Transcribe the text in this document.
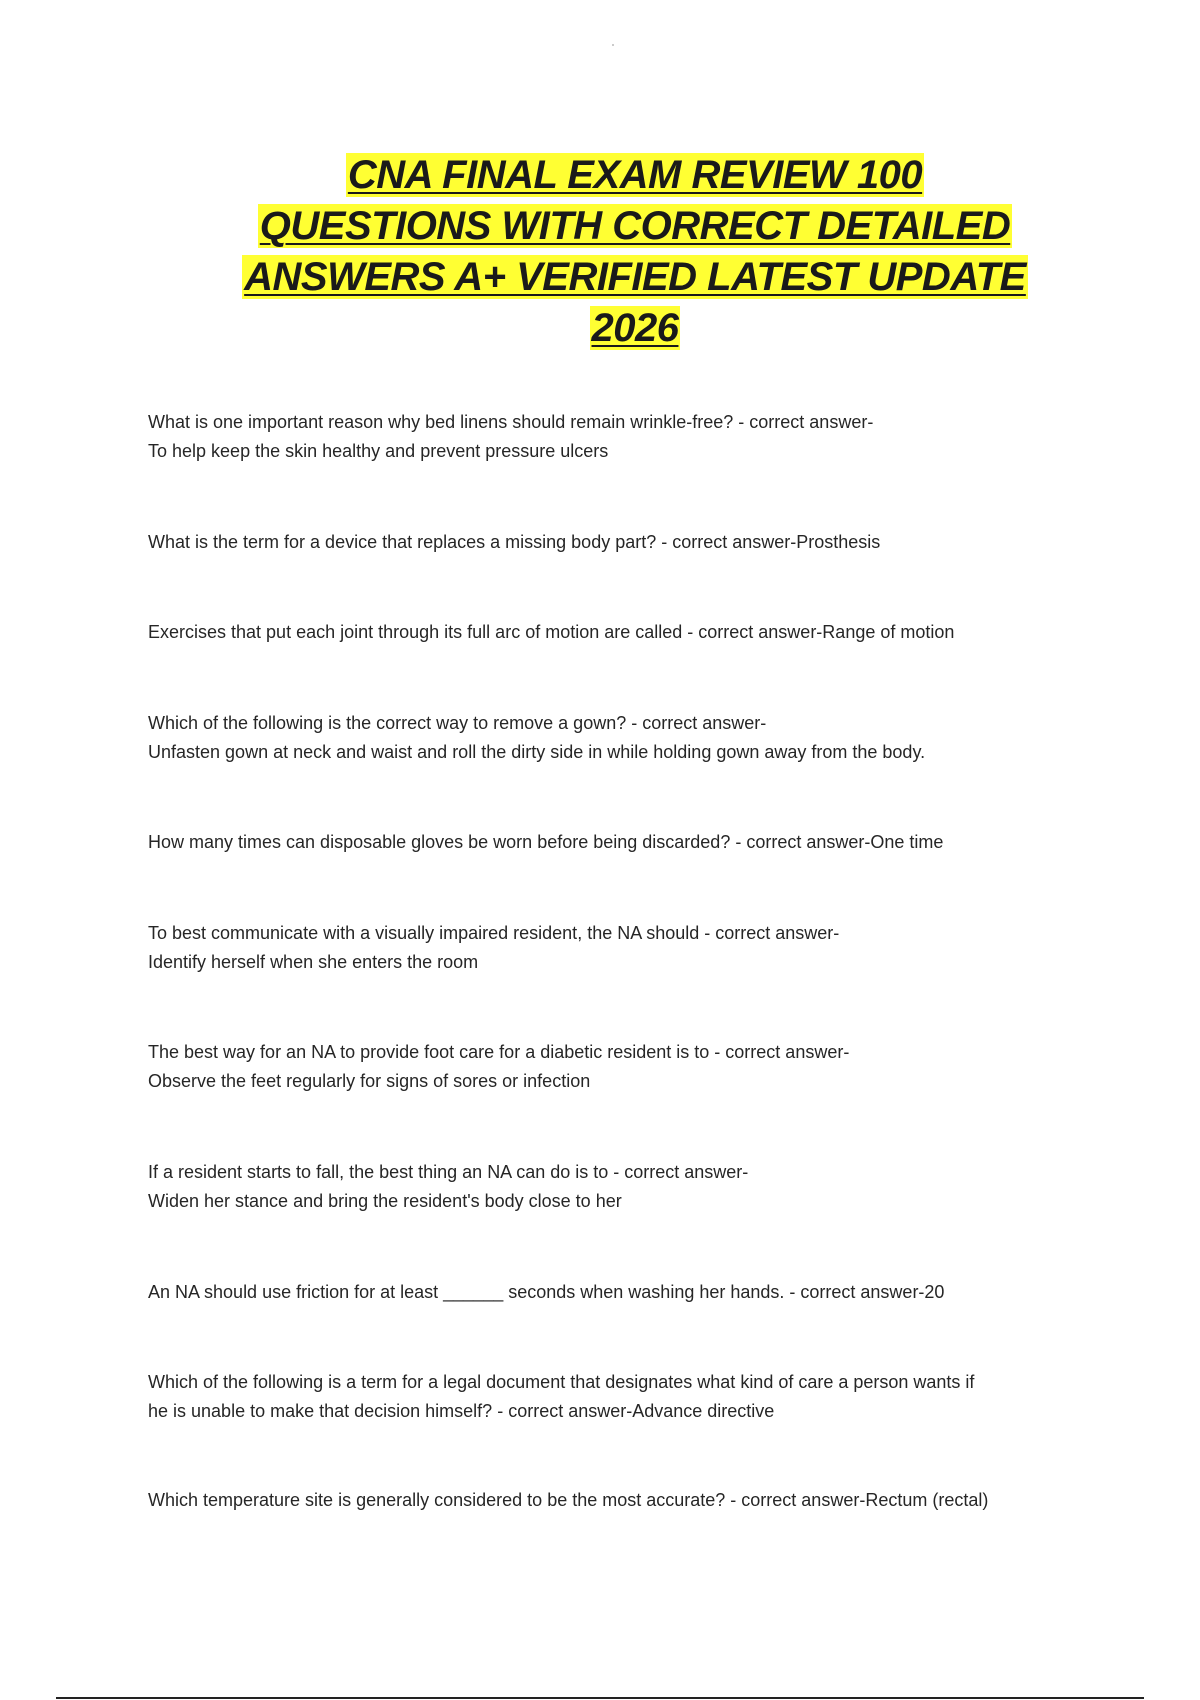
CNA FINAL EXAM REVIEW 100
QUESTIONS WITH CORRECT DETAILED
ANSWERS A+ VERIFIED LATEST UPDATE
2026
What is one important reason why bed linens should remain wrinkle-free? - correct answer-
To help keep the skin healthy and prevent pressure ulcers
What is the term for a device that replaces a missing body part? - correct answer-Prosthesis
Exercises that put each joint through its full arc of motion are called - correct answer-Range of motion
Which of the following is the correct way to remove a gown? - correct answer-
Unfasten gown at neck and waist and roll the dirty side in while holding gown away from the body.
How many times can disposable gloves be worn before being discarded? - correct answer-One time
To best communicate with a visually impaired resident, the NA should - correct answer-
Identify herself when she enters the room
The best way for an NA to provide foot care for a diabetic resident is to - correct answer-
Observe the feet regularly for signs of sores or infection
If a resident starts to fall, the best thing an NA can do is to - correct answer-
Widen her stance and bring the resident's body close to her
An NA should use friction for at least ______ seconds when washing her hands. - correct answer-20
Which of the following is a term for a legal document that designates what kind of care a person wants if
he is unable to make that decision himself? - correct answer-Advance directive
Which temperature site is generally considered to be the most accurate? - correct answer-Rectum (rectal)
